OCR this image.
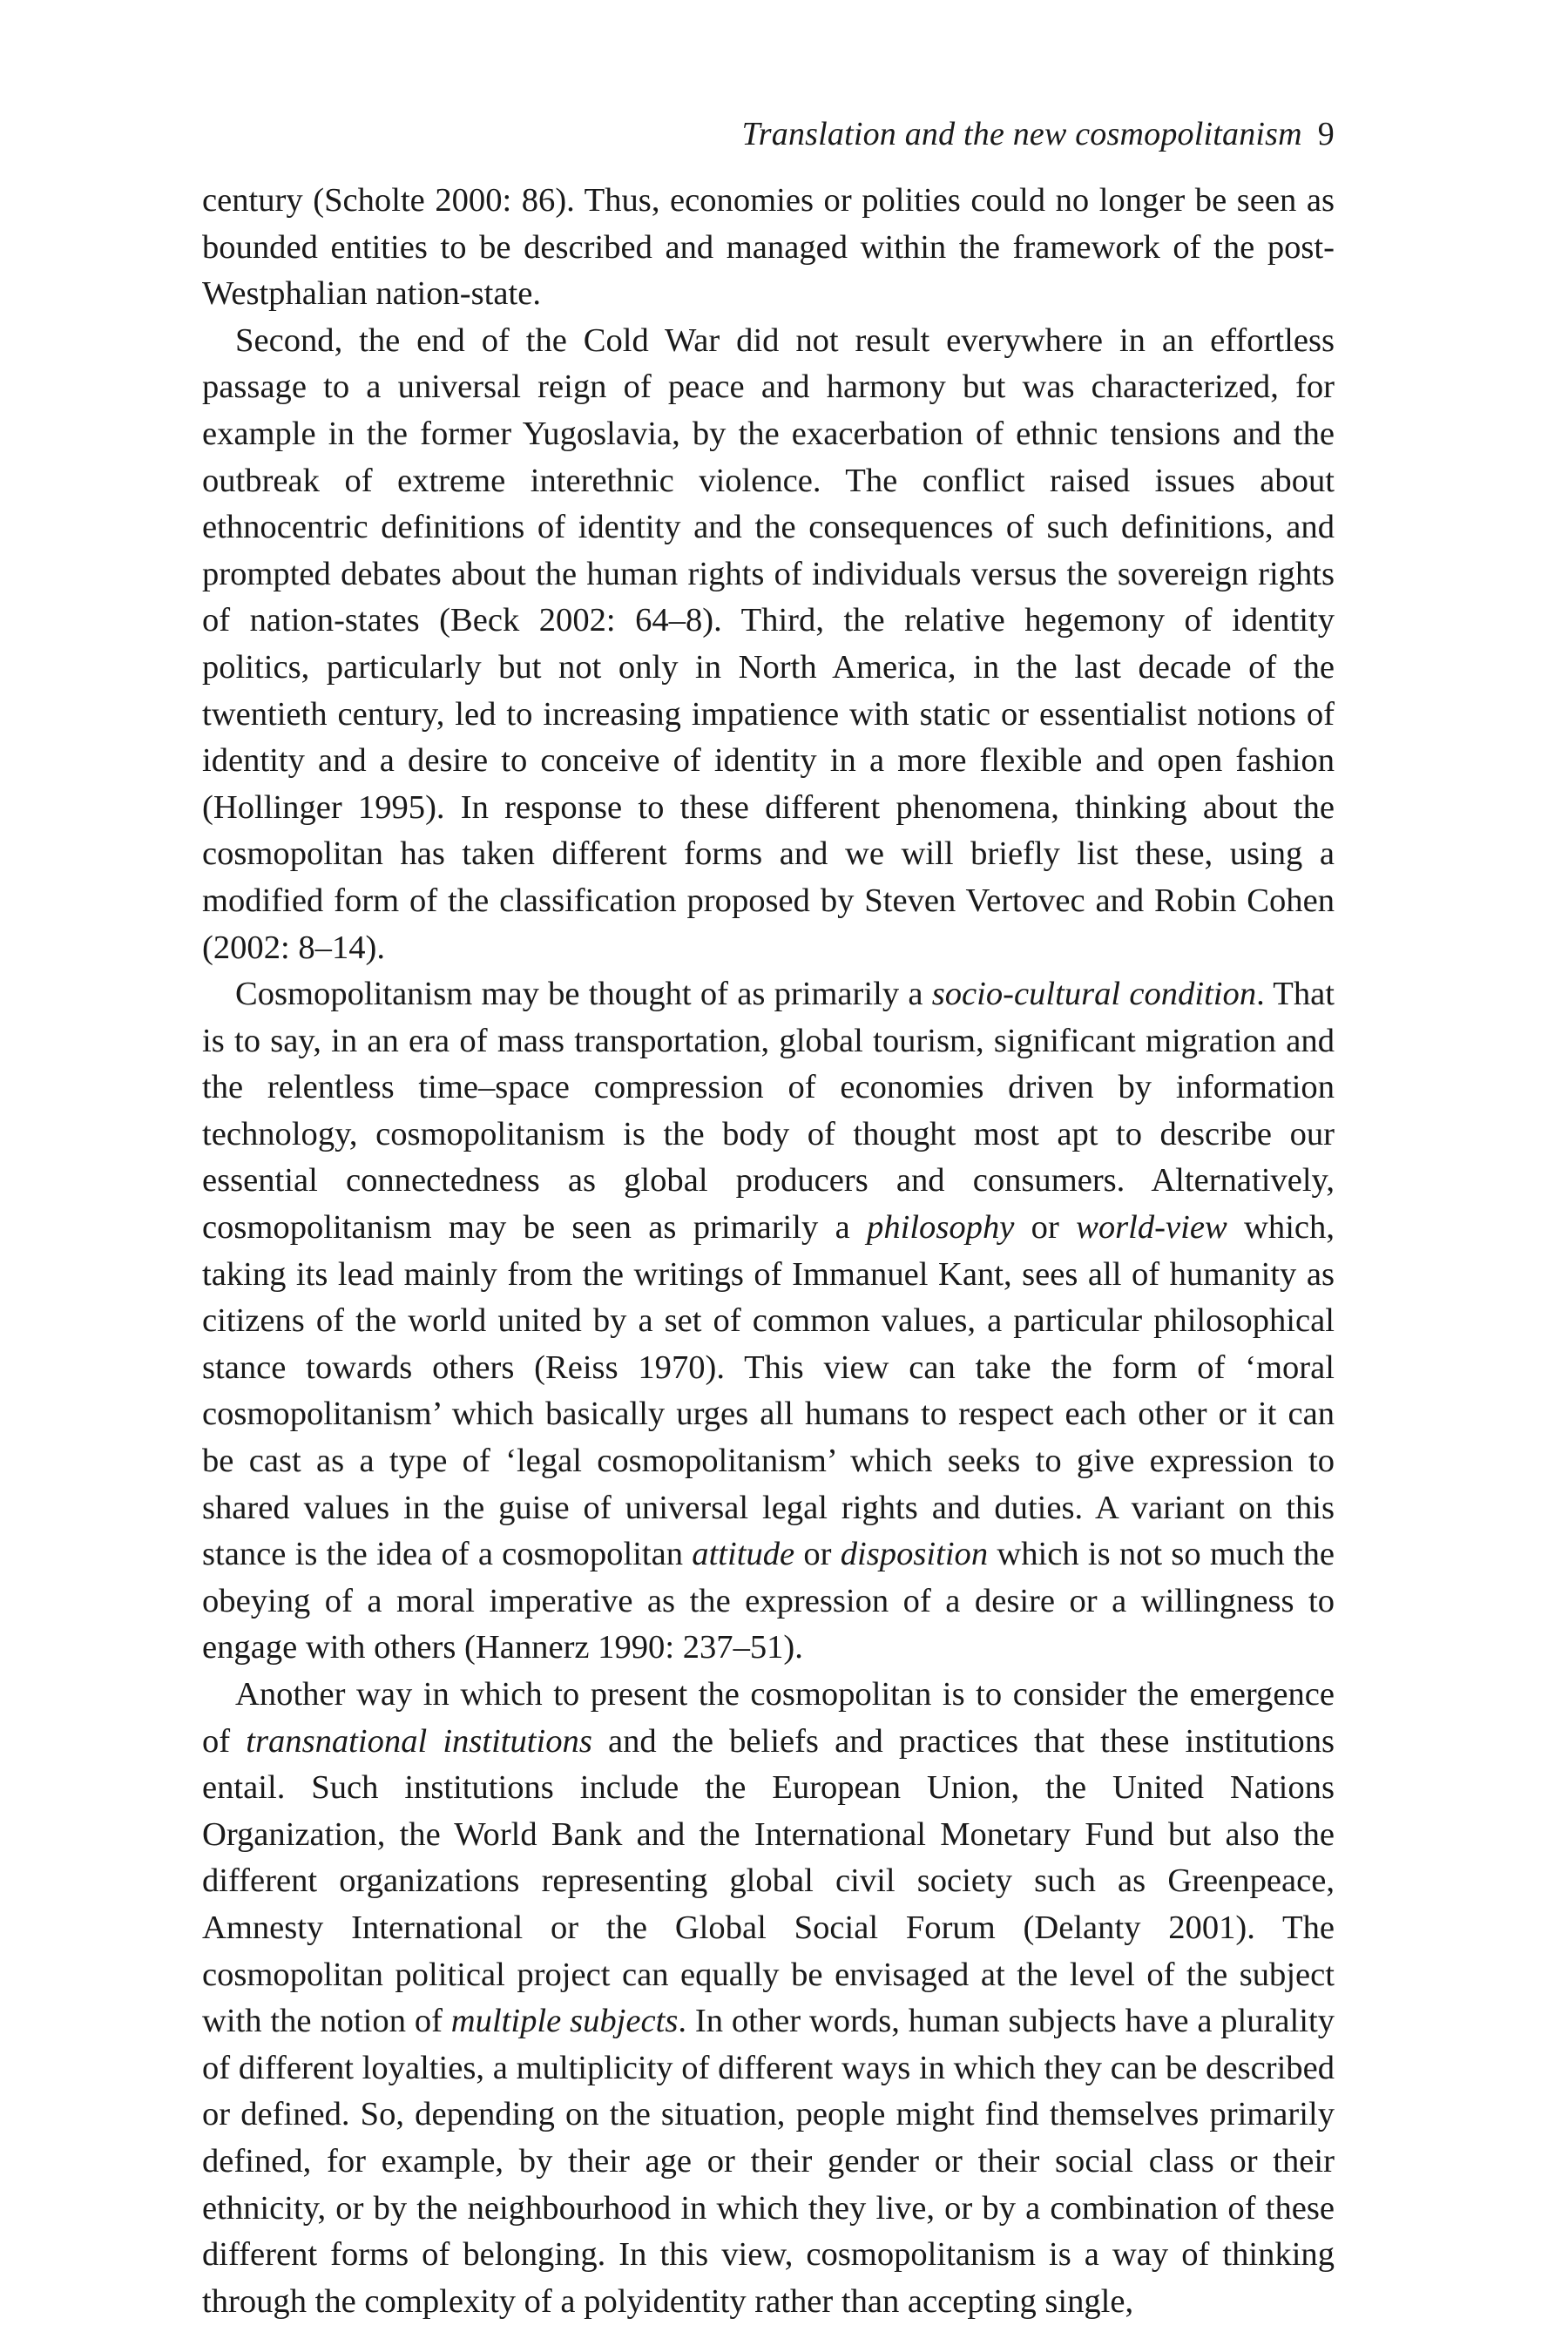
Translation and the new cosmopolitanism 9

century (Scholte 2000: 86). Thus, economies or polities could no longer be seen as bounded entities to be described and managed within the framework of the post-Westphalian nation-state.

Second, the end of the Cold War did not result everywhere in an effortless passage to a universal reign of peace and harmony but was characterized, for example in the former Yugoslavia, by the exacerbation of ethnic tensions and the outbreak of extreme interethnic violence. The conflict raised issues about ethnocentric definitions of identity and the consequences of such definitions, and prompted debates about the human rights of individuals versus the sovereign rights of nation-states (Beck 2002: 64–8). Third, the relative hegemony of identity politics, particularly but not only in North America, in the last decade of the twentieth century, led to increasing impatience with static or essentialist notions of identity and a desire to conceive of identity in a more flexible and open fashion (Hollinger 1995). In response to these different phenomena, thinking about the cosmopolitan has taken different forms and we will briefly list these, using a modified form of the classification proposed by Steven Vertovec and Robin Cohen (2002: 8–14).

Cosmopolitanism may be thought of as primarily a socio-cultural condition. That is to say, in an era of mass transportation, global tourism, significant migration and the relentless time–space compression of economies driven by information technology, cosmopolitanism is the body of thought most apt to describe our essential connectedness as global producers and consumers. Alternatively, cosmopolitanism may be seen as primarily a philosophy or world-view which, taking its lead mainly from the writings of Immanuel Kant, sees all of humanity as citizens of the world united by a set of common values, a particular philosophical stance towards others (Reiss 1970). This view can take the form of ‘moral cosmopolitanism’ which basically urges all humans to respect each other or it can be cast as a type of ‘legal cosmopolitanism’ which seeks to give expression to shared values in the guise of universal legal rights and duties. A variant on this stance is the idea of a cosmopolitan attitude or disposition which is not so much the obeying of a moral imperative as the expression of a desire or a willingness to engage with others (Hannerz 1990: 237–51).

Another way in which to present the cosmopolitan is to consider the emergence of transnational institutions and the beliefs and practices that these institutions entail. Such institutions include the European Union, the United Nations Organization, the World Bank and the International Monetary Fund but also the different organizations representing global civil society such as Greenpeace, Amnesty International or the Global Social Forum (Delanty 2001). The cosmopolitan political project can equally be envisaged at the level of the subject with the notion of multiple subjects. In other words, human subjects have a plurality of different loyalties, a multiplicity of different ways in which they can be described or defined. So, depending on the situation, people might find themselves primarily defined, for example, by their age or their gender or their social class or their ethnicity, or by the neighbourhood in which they live, or by a combination of these different forms of belonging. In this view, cosmopolitanism is a way of thinking through the complexity of a polyidentity rather than accepting single,
